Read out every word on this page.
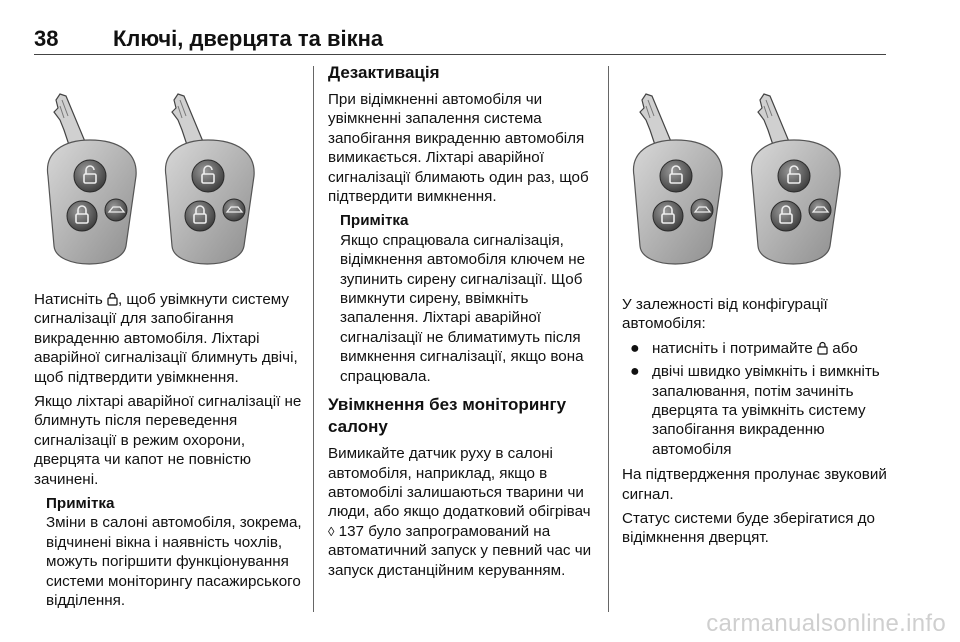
38 Ключі, дверцята та вікна

Натисніть , щоб увімкнути систему сигналізації для запобігання викраденню автомобіля. Ліхтарі аварійної сигналізації блимнуть двічі, щоб підтвердити увімкнення.

Якщо ліхтарі аварійної сигналізації не блимнуть після переведення сигналізації в режим охорони, дверцята чи капот не повністю зачинені.

Примітка
Зміни в салоні автомобіля, зокрема, відчинені вікна і наявність чохлів, можуть погіршити функціонування системи моніторингу пасажирського відділення.
Дезактивація

При відімкненні автомобіля чи увімкненні запалення система запобігання викраденню автомобіля вимикається. Ліхтарі аварійної сигналізації блимають один раз, щоб підтвердити вимкнення.

Примітка
Якщо спрацювала сигналізація, відімкнення автомобіля ключем не зупинить сирену сигналізації. Щоб вимкнути сирену, ввімкніть запалення. Ліхтарі аварійної сигналізації не блиматимуть після вимкнення сигналізації, якщо вона спрацювала.
Увімкнення без моніторингу салону

Вимикайте датчик руху в салоні автомобіля, наприклад, якщо в автомобілі залишаються тварини чи люди, або якщо додатковий обігрівач ◊ 137 було запрограмований на автоматичний запуск у певний час чи запуск дистанційним керуванням.

У залежності від конфігурації автомобіля:

● натисніть і потримайте  або
● двічі швидко увімкніть і вимкніть запалювання, потім зачиніть дверцята та увімкніть систему запобігання викраденню автомобіля

На підтвердження пролунає звуковий сигнал.

Статус системи буде зберігатися до відімкнення дверцят.

carmanualsonline.info
